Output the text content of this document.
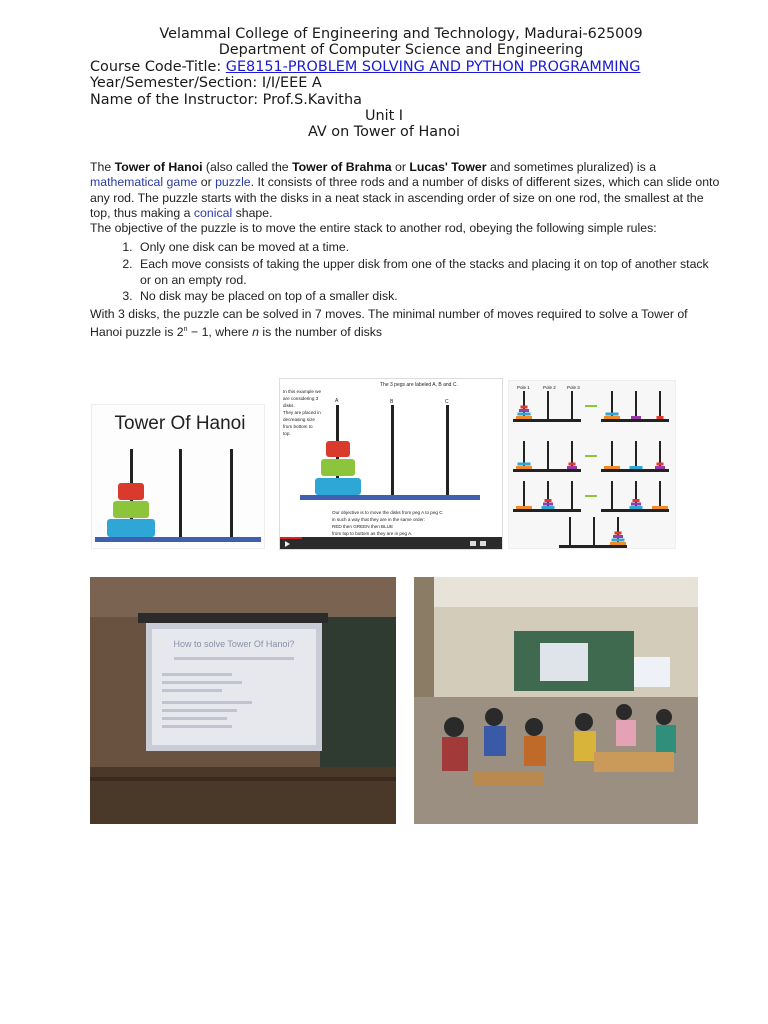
Velammal College of Engineering and Technology, Madurai-625009
Department of Computer Science and Engineering
Course Code-Title: GE8151-PROBLEM SOLVING AND PYTHON PROGRAMMING
Year/Semester/Section: I/I/EEE A
Name of the Instructor: Prof.S.Kavitha
Unit I
AV on Tower of Hanoi

The Tower of Hanoi (also called the Tower of Brahma or Lucas' Tower and sometimes pluralized) is a mathematical game or puzzle. It consists of three rods and a number of disks of different sizes, which can slide onto any rod. The puzzle starts with the disks in a neat stack in ascending order of size on one rod, the smallest at the top, thus making a conical shape.

The objective of the puzzle is to move the entire stack to another rod, obeying the following simple rules:

1. Only one disk can be moved at a time.
2. Each move consists of taking the upper disk from one of the stacks and placing it on top of another stack or on an empty rod.
3. No disk may be placed on top of a smaller disk.

With 3 disks, the puzzle can be solved in 7 moves. The minimal number of moves required to solve a Tower of Hanoi puzzle is $2^n - 1$, where n is the number of disks

Tower Of Hanoi
The 3 pegs are labeled A, B and C.
In this example we
are considering 3
disks.
They are placed in
decreasing size
from bottom to
top.
A	B	C
Our objective is to move the disks from peg A to peg C
in such a way that they are in the same order:
RED then GREEN then BLUE
from top to bottom as they are in peg A.
Pole 1	Pole 2 Pole 3
How to solve Tower Of Hanoi?
